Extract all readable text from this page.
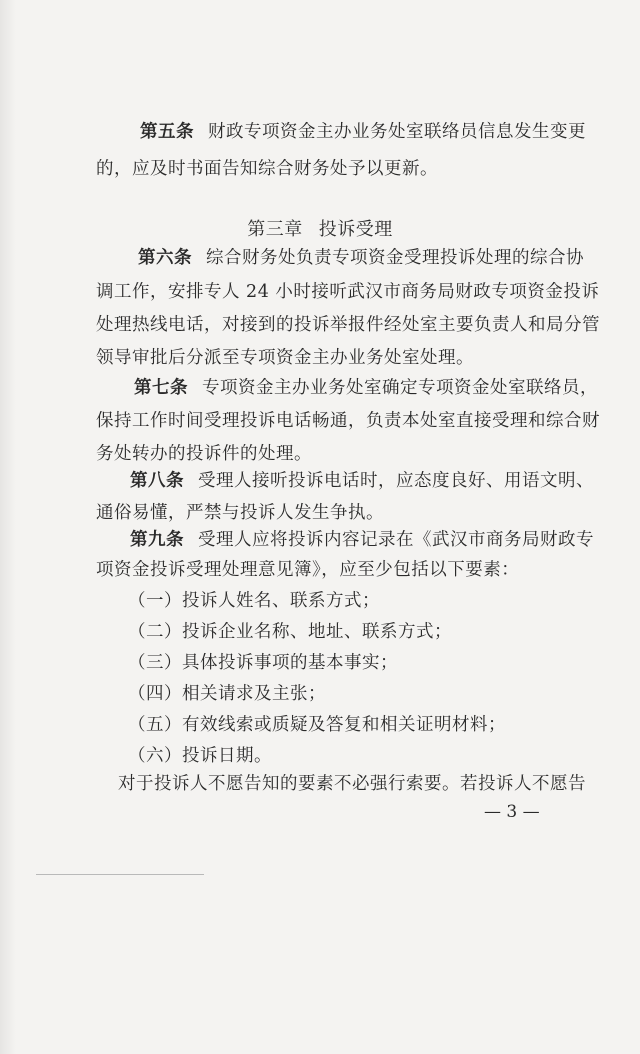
第五条 财政专项资金主办业务处室联络员信息发生变更
的，应及时书面告知综合财务处予以更新。
第三章 投诉受理
第六条 综合财务处负责专项资金受理投诉处理的综合协
调工作，安排专人 24 小时接听武汉市商务局财政专项资金投诉
处理热线电话，对接到的投诉举报件经处室主要负责人和局分管
领导审批后分派至专项资金主办业务处室处理。
第七条 专项资金主办业务处室确定专项资金处室联络员，
保持工作时间受理投诉电话畅通，负责本处室直接受理和综合财
务处转办的投诉件的处理。
第八条 受理人接听投诉电话时，应态度良好、用语文明、
通俗易懂，严禁与投诉人发生争执。
第九条 受理人应将投诉内容记录在《武汉市商务局财政专
项资金投诉受理处理意见簿》，应至少包括以下要素：
（一）投诉人姓名、联系方式；
（二）投诉企业名称、地址、联系方式；
（三）具体投诉事项的基本事实；
（四）相关请求及主张；
（五）有效线索或质疑及答复和相关证明材料；
（六）投诉日期。
对于投诉人不愿告知的要素不必强行索要。若投诉人不愿告
— 3 —
